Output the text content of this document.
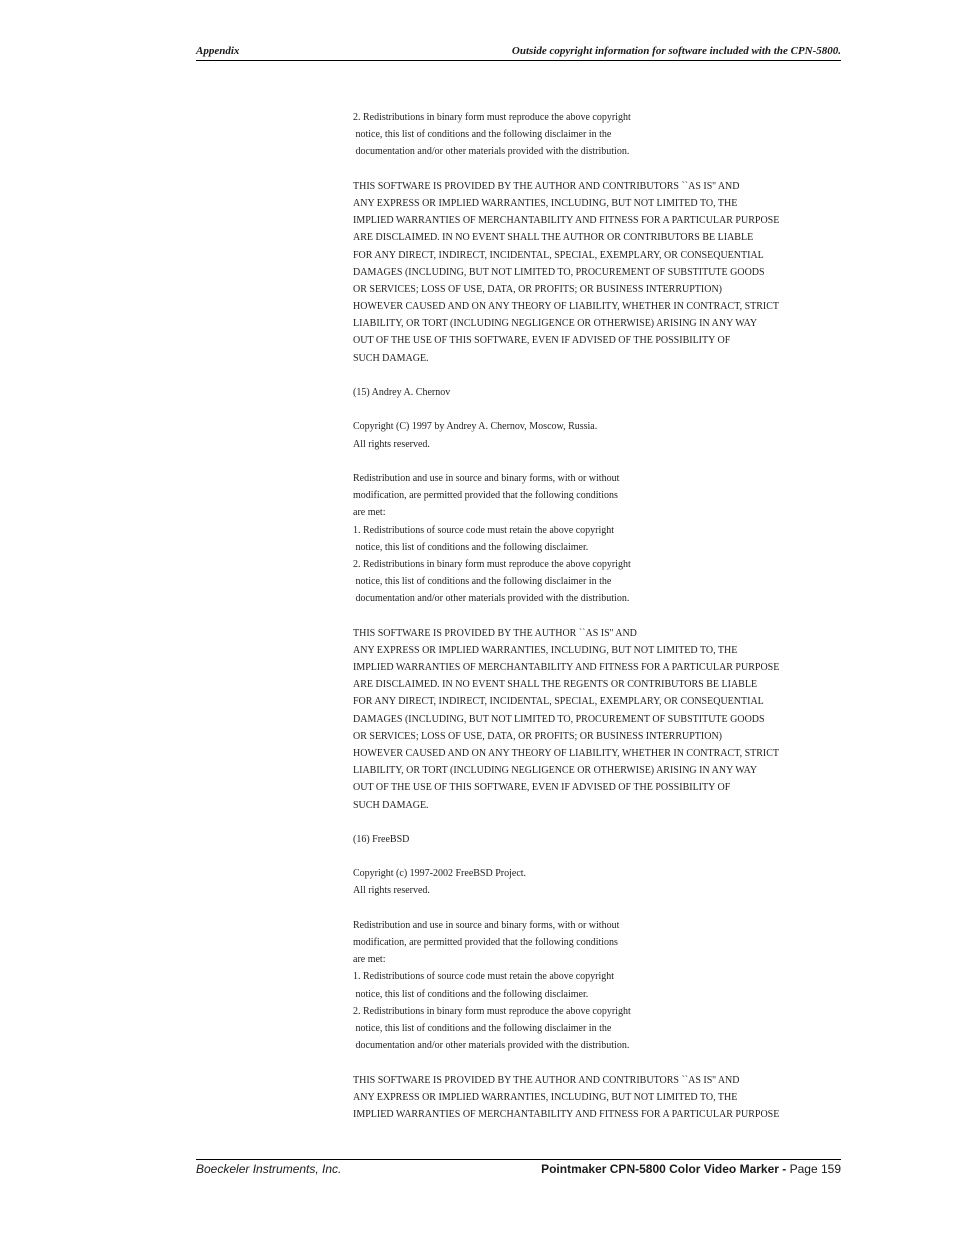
Appendix	Outside copyright information for software included with the CPN-5800.
2. Redistributions in binary form must reproduce the above copyright
notice, this list of conditions and the following disclaimer in the
documentation and/or other materials provided with the distribution.
THIS SOFTWARE IS PROVIDED BY THE AUTHOR AND CONTRIBUTORS ``AS IS'' AND
ANY EXPRESS OR IMPLIED WARRANTIES, INCLUDING, BUT NOT LIMITED TO, THE
IMPLIED WARRANTIES OF MERCHANTABILITY AND FITNESS FOR A PARTICULAR PURPOSE
ARE DISCLAIMED. IN NO EVENT SHALL THE AUTHOR OR CONTRIBUTORS BE LIABLE
FOR ANY DIRECT, INDIRECT, INCIDENTAL, SPECIAL, EXEMPLARY, OR CONSEQUENTIAL
DAMAGES (INCLUDING, BUT NOT LIMITED TO, PROCUREMENT OF SUBSTITUTE GOODS
OR SERVICES; LOSS OF USE, DATA, OR PROFITS; OR BUSINESS INTERRUPTION)
HOWEVER CAUSED AND ON ANY THEORY OF LIABILITY, WHETHER IN CONTRACT, STRICT
LIABILITY, OR TORT (INCLUDING NEGLIGENCE OR OTHERWISE) ARISING IN ANY WAY
OUT OF THE USE OF THIS SOFTWARE, EVEN IF ADVISED OF THE POSSIBILITY OF
SUCH DAMAGE.
(15) Andrey A. Chernov
Copyright (C) 1997 by Andrey A. Chernov, Moscow, Russia.
All rights reserved.
Redistribution and use in source and binary forms, with or without
modification, are permitted provided that the following conditions
are met:
1. Redistributions of source code must retain the above copyright
notice, this list of conditions and the following disclaimer.
2. Redistributions in binary form must reproduce the above copyright
notice, this list of conditions and the following disclaimer in the
documentation and/or other materials provided with the distribution.
THIS SOFTWARE IS PROVIDED BY THE AUTHOR ``AS IS'' AND
ANY EXPRESS OR IMPLIED WARRANTIES, INCLUDING, BUT NOT LIMITED TO, THE
IMPLIED WARRANTIES OF MERCHANTABILITY AND FITNESS FOR A PARTICULAR PURPOSE
ARE DISCLAIMED. IN NO EVENT SHALL THE REGENTS OR CONTRIBUTORS BE LIABLE
FOR ANY DIRECT, INDIRECT, INCIDENTAL, SPECIAL, EXEMPLARY, OR CONSEQUENTIAL
DAMAGES (INCLUDING, BUT NOT LIMITED TO, PROCUREMENT OF SUBSTITUTE GOODS
OR SERVICES; LOSS OF USE, DATA, OR PROFITS; OR BUSINESS INTERRUPTION)
HOWEVER CAUSED AND ON ANY THEORY OF LIABILITY, WHETHER IN CONTRACT, STRICT
LIABILITY, OR TORT (INCLUDING NEGLIGENCE OR OTHERWISE) ARISING IN ANY WAY
OUT OF THE USE OF THIS SOFTWARE, EVEN IF ADVISED OF THE POSSIBILITY OF
SUCH DAMAGE.
(16) FreeBSD
Copyright (c) 1997-2002 FreeBSD Project.
All rights reserved.
Redistribution and use in source and binary forms, with or without
modification, are permitted provided that the following conditions
are met:
1. Redistributions of source code must retain the above copyright
notice, this list of conditions and the following disclaimer.
2. Redistributions in binary form must reproduce the above copyright
notice, this list of conditions and the following disclaimer in the
documentation and/or other materials provided with the distribution.
THIS SOFTWARE IS PROVIDED BY THE AUTHOR AND CONTRIBUTORS ``AS IS'' AND
ANY EXPRESS OR IMPLIED WARRANTIES, INCLUDING, BUT NOT LIMITED TO, THE
IMPLIED WARRANTIES OF MERCHANTABILITY AND FITNESS FOR A PARTICULAR PURPOSE
Boeckeler Instruments, Inc.	Pointmaker CPN-5800 Color Video Marker - Page 159
